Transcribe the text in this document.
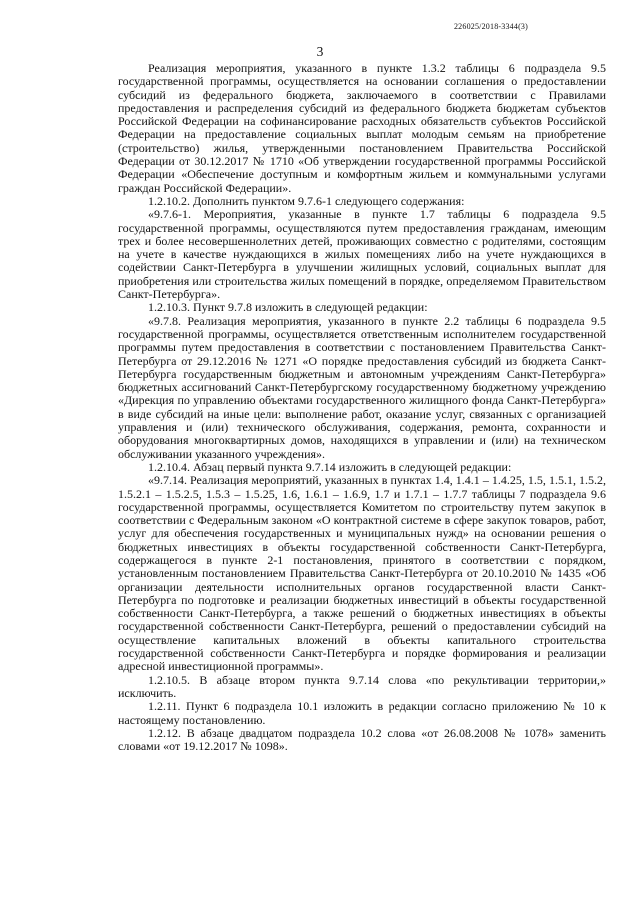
226025/2018-3344(3)
3

Реализация мероприятия, указанного в пункте 1.3.2 таблицы 6 подраздела 9.5 государственной программы, осуществляется на основании соглашения о предоставлении субсидий из федерального бюджета, заключаемого в соответствии с Правилами предоставления и распределения субсидий из федерального бюджета бюджетам субъектов Российской Федерации на софинансирование расходных обязательств субъектов Российской Федерации на предоставление социальных выплат молодым семьям на приобретение (строительство) жилья, утвержденными постановлением Правительства Российской Федерации от 30.12.2017 № 1710 «Об утверждении государственной программы Российской Федерации «Обеспечение доступным и комфортным жильем и коммунальными услугами граждан Российской Федерации».

1.2.10.2. Дополнить пунктом 9.7.6-1 следующего содержания:

«9.7.6-1. Мероприятия, указанные в пункте 1.7 таблицы 6 подраздела 9.5 государственной программы, осуществляются путем предоставления гражданам, имеющим трех и более несовершеннолетних детей, проживающих совместно с родителями, состоящим на учете в качестве нуждающихся в жилых помещениях либо на учете нуждающихся в содействии Санкт-Петербурга в улучшении жилищных условий, социальных выплат для приобретения или строительства жилых помещений в порядке, определяемом Правительством Санкт-Петербурга».

1.2.10.3. Пункт 9.7.8 изложить в следующей редакции:

«9.7.8. Реализация мероприятия, указанного в пункте 2.2 таблицы 6 подраздела 9.5 государственной программы, осуществляется ответственным исполнителем государственной программы путем предоставления в соответствии с постановлением Правительства Санкт-Петербурга от 29.12.2016 № 1271 «О порядке предоставления субсидий из бюджета Санкт-Петербурга государственным бюджетным и автономным учреждениям Санкт-Петербурга» бюджетных ассигнований Санкт-Петербургскому государственному бюджетному учреждению «Дирекция по управлению объектами государственного жилищного фонда Санкт-Петербурга» в виде субсидий на иные цели: выполнение работ, оказание услуг, связанных с организацией управления и (или) технического обслуживания, содержания, ремонта, сохранности и оборудования многоквартирных домов, находящихся в управлении и (или) на техническом обслуживании указанного учреждения».

1.2.10.4. Абзац первый пункта 9.7.14 изложить в следующей редакции:

«9.7.14. Реализация мероприятий, указанных в пунктах 1.4, 1.4.1 – 1.4.25, 1.5, 1.5.1, 1.5.2, 1.5.2.1 – 1.5.2.5, 1.5.3 – 1.5.25, 1.6, 1.6.1 – 1.6.9, 1.7 и 1.7.1 – 1.7.7 таблицы 7 подраздела 9.6 государственной программы, осуществляется Комитетом по строительству путем закупок в соответствии с Федеральным законом «О контрактной системе в сфере закупок товаров, работ, услуг для обеспечения государственных и муниципальных нужд» на основании решения о бюджетных инвестициях в объекты государственной собственности Санкт-Петербурга, содержащегося в пункте 2-1 постановления, принятого в соответствии с порядком, установленным постановлением Правительства Санкт-Петербурга от 20.10.2010 № 1435 «Об организации деятельности исполнительных органов государственной власти Санкт-Петербурга по подготовке и реализации бюджетных инвестиций в объекты государственной собственности Санкт-Петербурга, а также решений о бюджетных инвестициях в объекты государственной собственности Санкт-Петербурга, решений о предоставлении субсидий на осуществление капитальных вложений в объекты капитального строительства государственной собственности Санкт-Петербурга и порядке формирования и реализации адресной инвестиционной программы».

1.2.10.5. В абзаце втором пункта 9.7.14 слова «по рекультивации территории,» исключить.

1.2.11. Пункт 6 подраздела 10.1 изложить в редакции согласно приложению № 10 к настоящему постановлению.

1.2.12. В абзаце двадцатом подраздела 10.2 слова «от 26.08.2008 № 1078» заменить словами «от 19.12.2017 № 1098».
